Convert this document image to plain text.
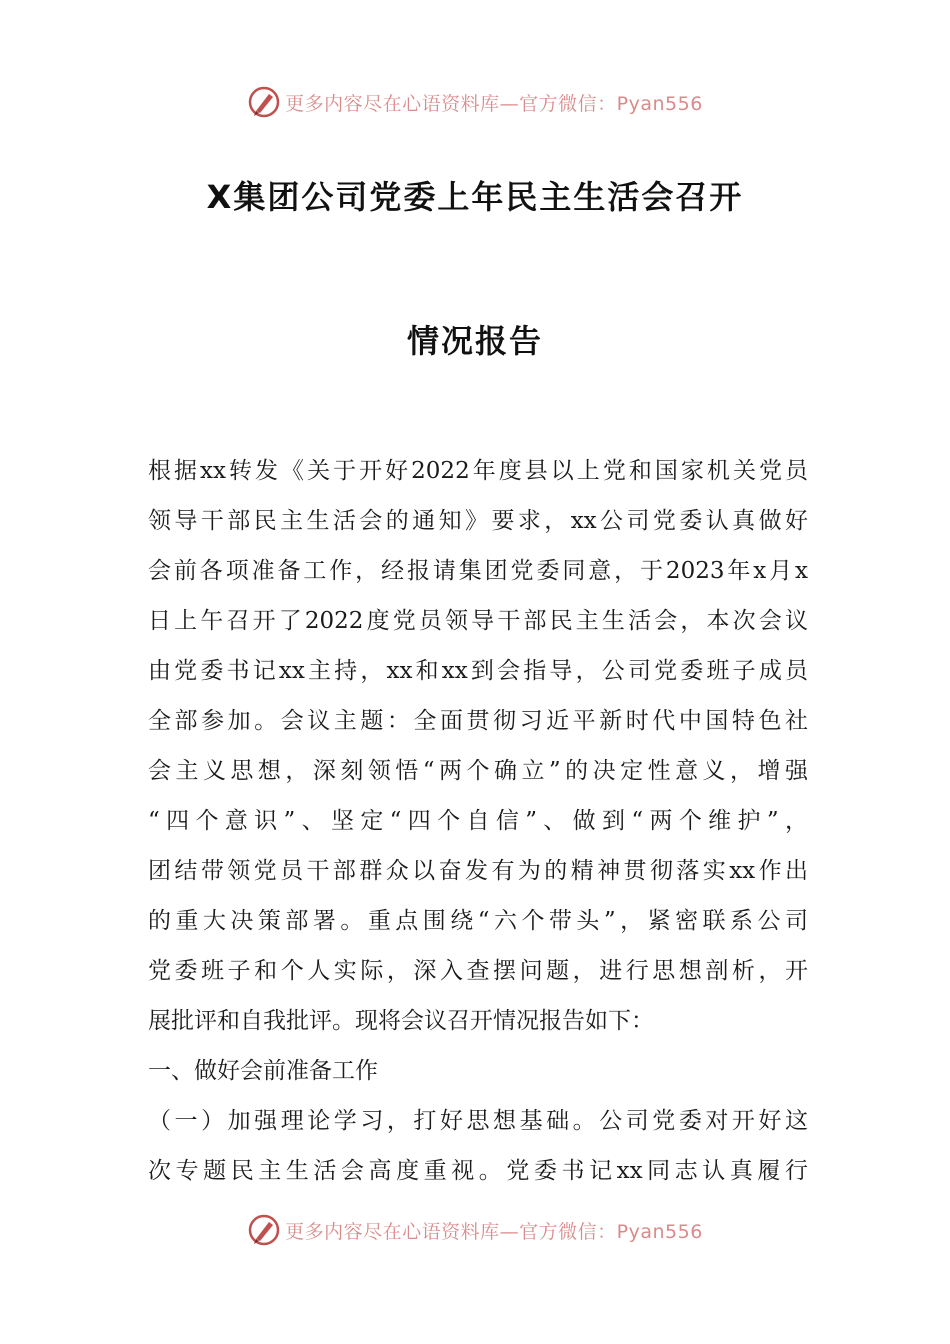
更多内容尽在心语资料库—官方微信：Pyan556
X集团公司党委上年民主生活会召开
情况报告
根据xx转发《关于开好2022年度县以上党和国家机关党员
领导干部民主生活会的通知》要求，xx公司党委认真做好
会前各项准备工作，经报请集团党委同意，于2023年x月x
日上午召开了2022度党员领导干部民主生活会，本次会议
由党委书记xx主持，xx和xx到会指导，公司党委班子成员
全部参加。会议主题：全面贯彻习近平新时代中国特色社
会主义思想，深刻领悟“两个确立”的决定性意义，增强
“四个意识”、坚定“四个自信”、做到“两个维护”，
团结带领党员干部群众以奋发有为的精神贯彻落实xx作出
的重大决策部署。重点围绕“六个带头”，紧密联系公司
党委班子和个人实际，深入查摆问题，进行思想剖析，开
展批评和自我批评。现将会议召开情况报告如下：
一、做好会前准备工作
（一）加强理论学习，打好思想基础。公司党委对开好这
次专题民主生活会高度重视。党委书记xx同志认真履行
更多内容尽在心语资料库—官方微信：Pyan556
